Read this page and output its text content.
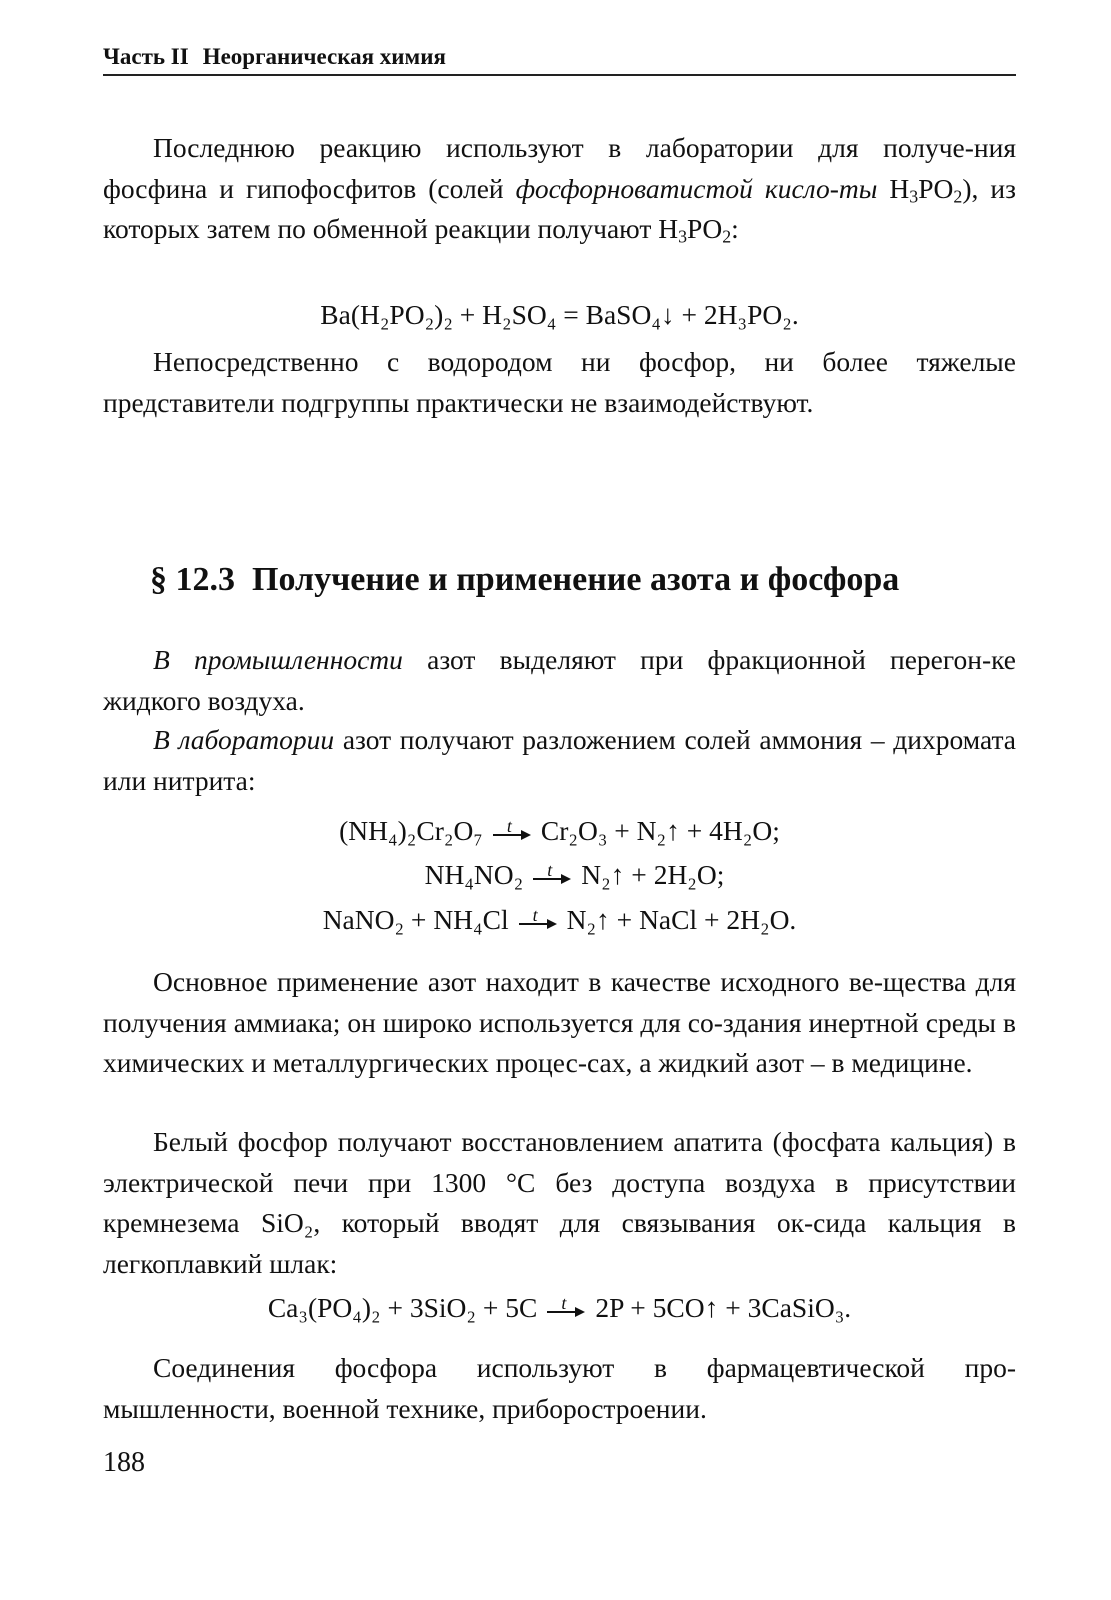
Часть II Неорганическая химия

Последнюю реакцию используют в лаборатории для получе-ния фосфина и гипофосфитов (солей фосфорноватистой кисло-ты $H_3PO_2$), из которых затем по обменной реакции получают $H_3PO_2$:

Ba(H₂PO₂)₂ + H₂SO₄ = BaSO₄↓ + 2H₃PO₂.

Непосредственно с водородом ни фосфор, ни более тяжелые представители подгруппы практически не взаимодействуют.

§ 12.3 Получение и применение азота и фосфора

В промышленности азот выделяют при фракционной перегон-ке жидкого воздуха.

В лаборатории азот получают разложением солей аммония – дихромата или нитрита:

(NH₄)₂Cr₂O₇ t Cr₂O₃ + N₂↑ + 4H₂O;
NH₄NO₂ t N₂↑ + 2H₂O;
NaNO₂ + NH₄Cl t N₂↑ + NaCl + 2H₂O.

Основное применение азот находит в качестве исходного ве-щества для получения аммиака; он широко используется для со-здания инертной среды в химических и металлургических процес-сах, а жидкий азот – в медицине.

Белый фосфор получают восстановлением апатита (фосфата кальция) в электрической печи при 1300 °C без доступа воздуха в присутствии кремнезема SiO₂, который вводят для связывания ок-сида кальция в легкоплавкий шлак:

Ca₃(PO₄)₂ + 3SiO₂ + 5C t 2P + 5CO↑ + 3CaSiO₃.

Соединения фосфора используют в фармацевтической про-мышленности, военной технике, приборостроении.

188
